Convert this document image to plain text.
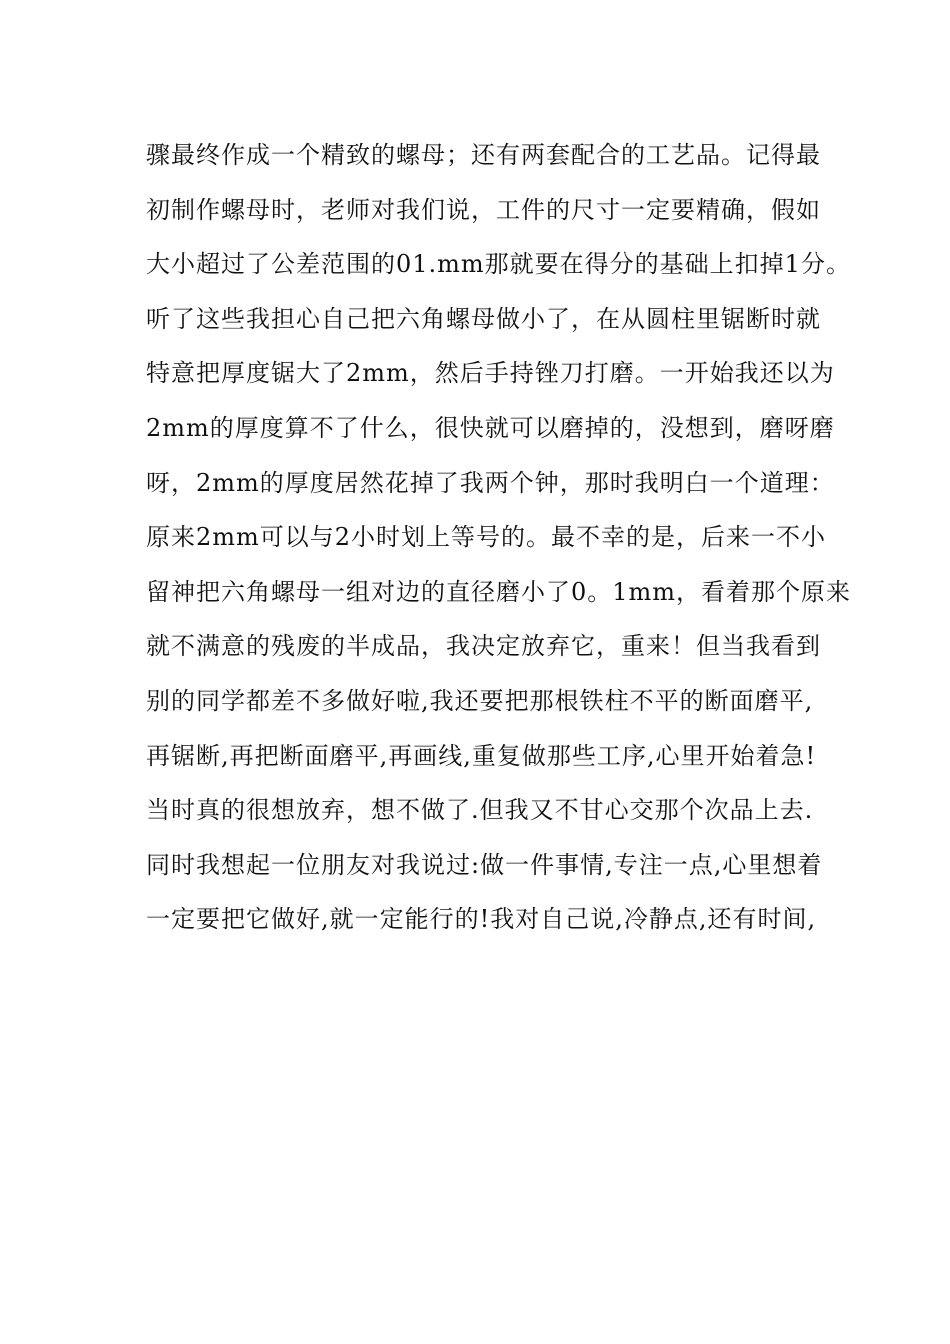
骤最终作成一个精致的螺母；还有两套配合的工艺品。记得最
初制作螺母时，老师对我们说，工件的尺寸一定要精确，假如
大小超过了公差范围的01.mm那就要在得分的基础上扣掉1分。
听了这些我担心自己把六角螺母做小了，在从圆柱里锯断时就
特意把厚度锯大了2mm，然后手持锉刀打磨。一开始我还以为
2mm的厚度算不了什么，很快就可以磨掉的，没想到，磨呀磨
呀，2mm的厚度居然花掉了我两个钟，那时我明白一个道理：
原来2mm可以与2小时划上等号的。最不幸的是，后来一不小
留神把六角螺母一组对边的直径磨小了0。1mm，看着那个原来
就不满意的残废的半成品，我决定放弃它，重来！但当我看到
别的同学都差不多做好啦,我还要把那根铁柱不平的断面磨平,
再锯断,再把断面磨平,再画线,重复做那些工序,心里开始着急!
当时真的很想放弃，想不做了.但我又不甘心交那个次品上去.
同时我想起一位朋友对我说过:做一件事情,专注一点,心里想着
一定要把它做好,就一定能行的!我对自己说,冷静点,还有时间,
